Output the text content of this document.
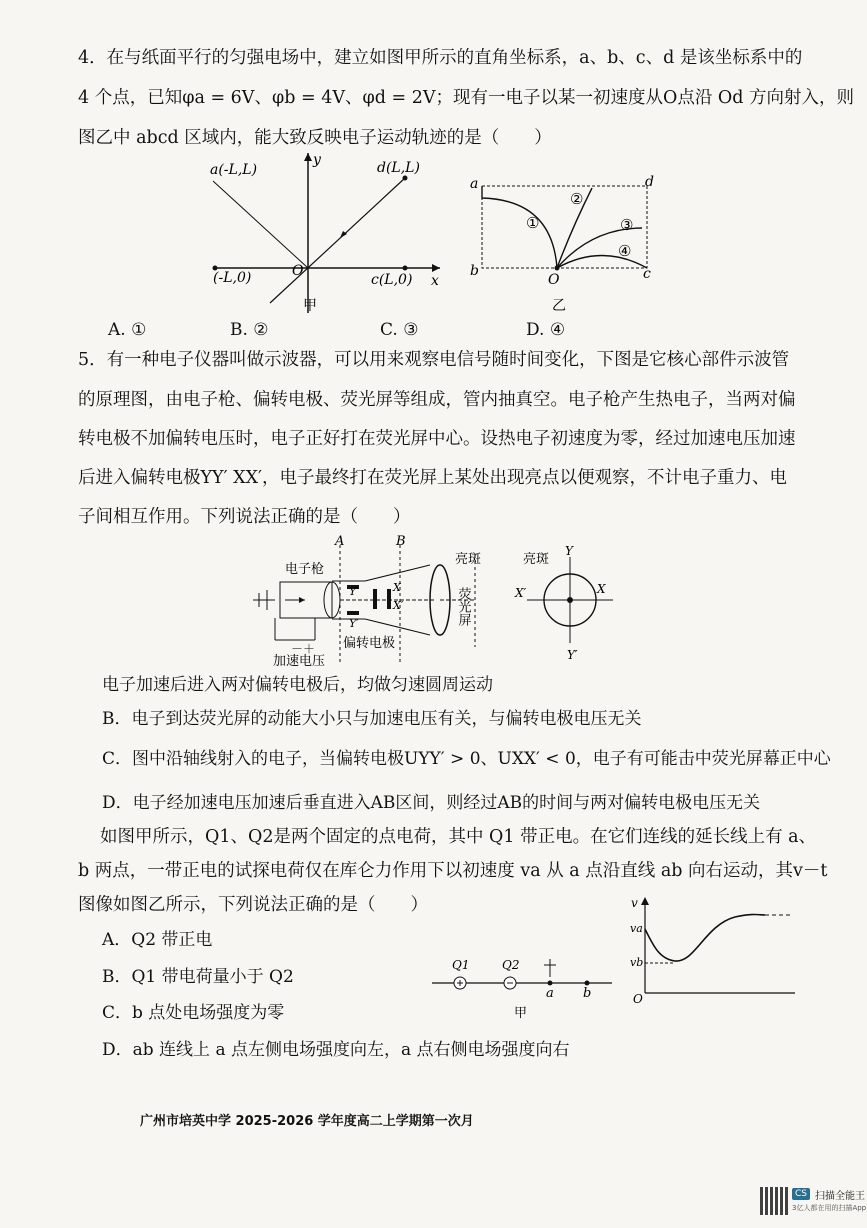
4．在与纸面平行的匀强电场中，建立如图甲所示的直角坐标系，a、b、c、d 是该坐标系中的
4 个点，已知φa = 6V、φb = 4V、φd = 2V；现有一电子以某一初速度从O点沿 Od 方向射入，则
图乙中 abcd 区域内，能大致反映电子运动轨迹的是（　　）
a(-L,L)	d(L,L)
(-L,0)	c(L,0)
O
x
y
甲
a
b	c
d
O
①
②
③
④
乙
A. ①	B. ②	C. ③	D. ④
5．有一种电子仪器叫做示波器，可以用来观察电信号随时间变化，下图是它核心部件示波管
的原理图，由电子枪、偏转电极、荧光屏等组成，管内抽真空。电子枪产生热电子，当两对偏
转电极不加偏转电压时，电子正好打在荧光屏中心。设热电子初速度为零，经过加速电压加速
后进入偏转电极YY′ XX′，电子最终打在荧光屏上某处出现亮点以便观察，不计电子重力、电
子间相互作用。下列说法正确的是（　　）
电子枪
A	B
Y
Y′
X
X′
亮斑
荧光屏
加速电压
偏转电极
－ ＋
亮斑
Y
Y′
X
X′
电子加速后进入两对偏转电极后，均做匀速圆周运动
B．电子到达荧光屏的动能大小只与加速电压有关，与偏转电极电压无关
C．图中沿轴线射入的电子，当偏转电极UYY′ > 0、UXX′ < 0，电子有可能击中荧光屏幕正中心
D．电子经加速电压加速后垂直进入AB区间，则经过AB的时间与两对偏转电极电压无关
如图甲所示，Q1、Q2是两个固定的点电荷，其中 Q1 带正电。在它们连线的延长线上有 a、
b 两点，一带正电的试探电荷仅在库仑力作用下以初速度 va 从 a 点沿直线 ab 向右运动，其v－t
图像如图乙所示，下列说法正确的是（　　）
A．Q2 带正电
B．Q1 带电荷量小于 Q2
C．b 点处电场强度为零
D．ab 连线上 a 点左侧电场强度向左，a 点右侧电场强度向右
Q1	Q2
a b
甲
v
va
vb
O
广州市培英中学 2025-2026 学年度高二上学期第一次月
CS 扫描全能王
3亿人都在用的扫描App
